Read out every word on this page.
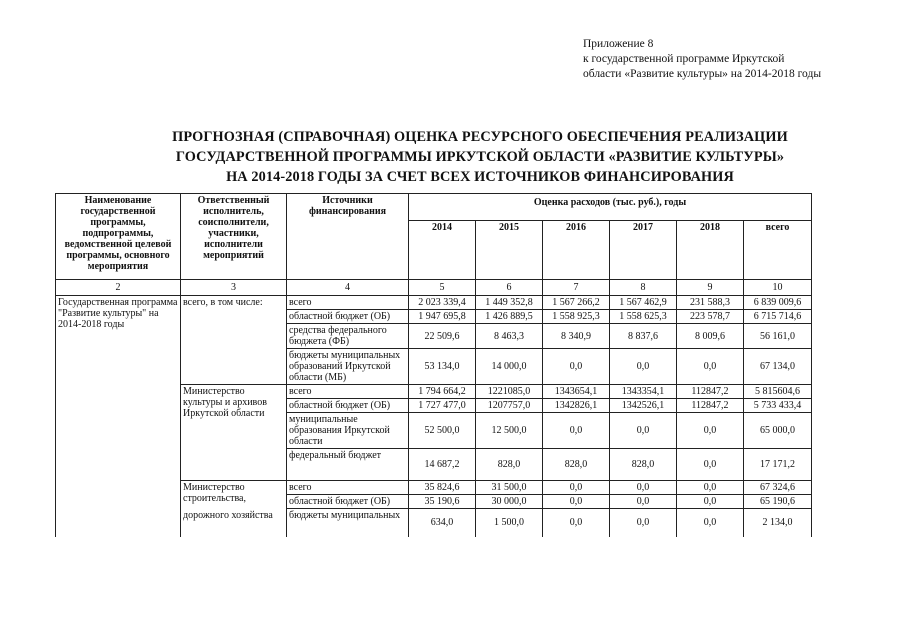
Приложение 8
к государственной программе Иркутской
области «Развитие культуры» на 2014-2018 годы
ПРОГНОЗНАЯ (СПРАВОЧНАЯ) ОЦЕНКА РЕСУРСНОГО ОБЕСПЕЧЕНИЯ РЕАЛИЗАЦИИ
ГОСУДАРСТВЕННОЙ ПРОГРАММЫ ИРКУТСКОЙ ОБЛАСТИ «РАЗВИТИЕ КУЛЬТУРЫ»
НА 2014-2018 ГОДЫ ЗА СЧЕТ ВСЕХ ИСТОЧНИКОВ ФИНАНСИРОВАНИЯ
Наименование государственной программы, подпрограммы, ведомственной целевой программы, основного мероприятия	Ответственный исполнитель, соисполнители, участники, исполнители мероприятий	Источники финансирования	Оценка расходов (тыс. руб.), годы					
			2014	2015	2016	2017	2018	всего
2	3	4	5	6	7	8	9	10
Государственная программа "Развитие культуры" на 2014-2018 годы	всего, в том числе:	всего	2 023 339,4	1 449 352,8	1 567 266,2	1 567 462,9	231 588,3	6 839 009,6
		областной бюджет (ОБ)	1 947 695,8	1 426 889,5	1 558 925,3	1 558 625,3	223 578,7	6 715 714,6
		средства федерального бюджета (ФБ)	22 509,6	8 463,3	8 340,9	8 837,6	8 009,6	56 161,0
		бюджеты муниципальных образований Иркутской области (МБ)	53 134,0	14 000,0	0,0	0,0	0,0	67 134,0
	Министерство культуры и архивов Иркутской области	всего	1 794 664,2	1221085,0	1343654,1	1343354,1	112847,2	5 815604,6
		областной бюджет (ОБ)	1 727 477,0	1207757,0	1342826,1	1342526,1	112847,2	5 733 433,4
		муниципальные образования Иркутской области	52 500,0	12 500,0	0,0	0,0	0,0	65 000,0
		федеральный бюджет	14 687,2	828,0	828,0	828,0	0,0	17 171,2
	Министерство строительства,	всего	35 824,6	31 500,0	0,0	0,0	0,0	67 324,6
		областной бюджет (ОБ)	35 190,6	30 000,0	0,0	0,0	0,0	65 190,6
	дорожного хозяйства	бюджеты муниципальных	634,0	1 500,0	0,0	0,0	0,0	2 134,0
